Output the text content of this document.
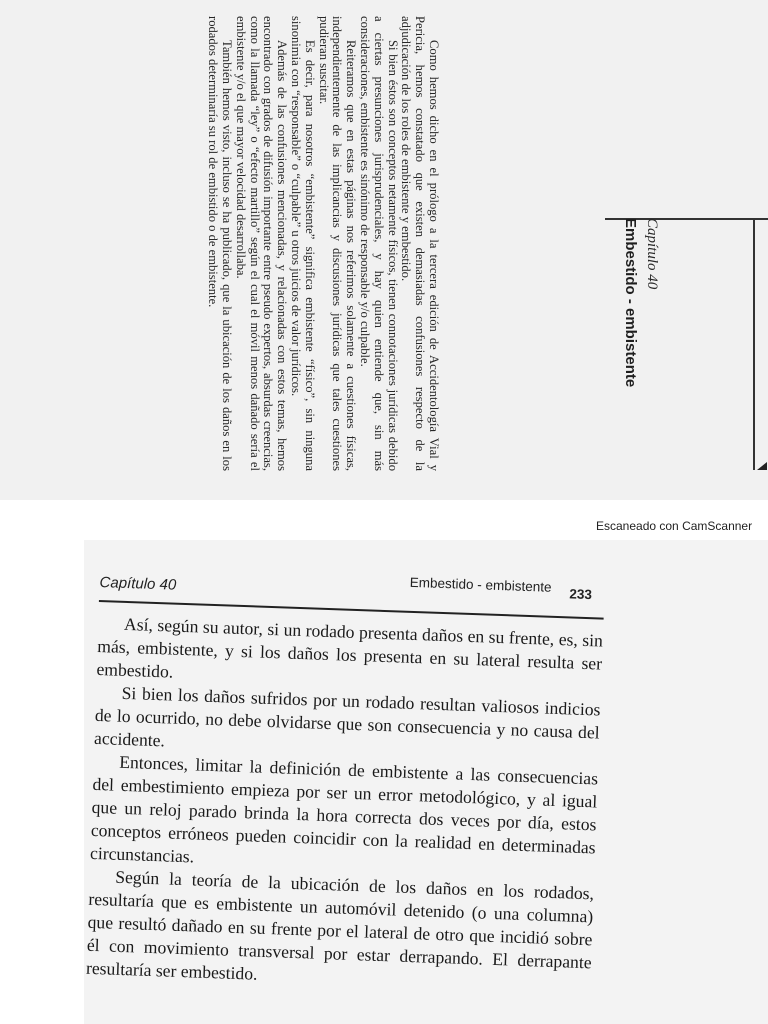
Como hemos dicho en el prólogo a la tercera edición de Accidentología Vial y Pericia, hemos constatado que existen demasiadas confusiones respecto de la adjudicación de los roles de embistente y embestido.

Si bien éstos son conceptos netamente físicos, tienen connotaciones jurídicas debido a ciertas presunciones jurisprudenciales, y hay quien entiende que, sin más consideraciones, embistente es sinónimo de responsable y/o culpable.

Reiteramos que en estas páginas nos referimos solamente a cuestiones físicas, independientemente de las implicancias y discusiones jurídicas que tales cuestiones pudieran suscitar.

Es decir, para nosotros “embistente” significa embistente “físico”, sin ninguna sinonimia con “responsable” o “culpable” u otros juicios de valor jurídicos.

Además de las confusiones mencionadas, y relacionadas con estos temas, hemos encontrado con grados de difusión importante entre pseudo expertos, absurdas creencias, como la llamada “ley” o “efecto martillo” según el cual el móvil menos dañado sería el embistente y/o el que mayor velocidad desarrollaba.

También hemos visto, incluso se ha publicado, que la ubicación de los daños en los rodados determinaría su rol de embistido o de embistente.	Capítulo 40
Embestido - embistente
Escaneado con CamScanner
Capítulo 40	Embestido - embistente 233

Así, según su autor, si un rodado presenta daños en su frente, es, sin más, embistente, y si los daños los presenta en su lateral resulta ser embestido.

Si bien los daños sufridos por un rodado resultan valiosos indicios de lo ocurrido, no debe olvidarse que son consecuencia y no causa del accidente.

Entonces, limitar la definición de embistente a las consecuencias del embestimiento empieza por ser un error metodológico, y al igual que un reloj parado brinda la hora correcta dos veces por día, estos conceptos erróneos pueden coincidir con la realidad en determinadas circunstancias.

Según la teoría de la ubicación de los daños en los rodados, resultaría que es embistente un automóvil detenido (o una columna) que resultó dañado en su frente por el lateral de otro que incidió sobre él con movimiento transversal por estar derrapando. El derrapante resultaría ser embestido.
